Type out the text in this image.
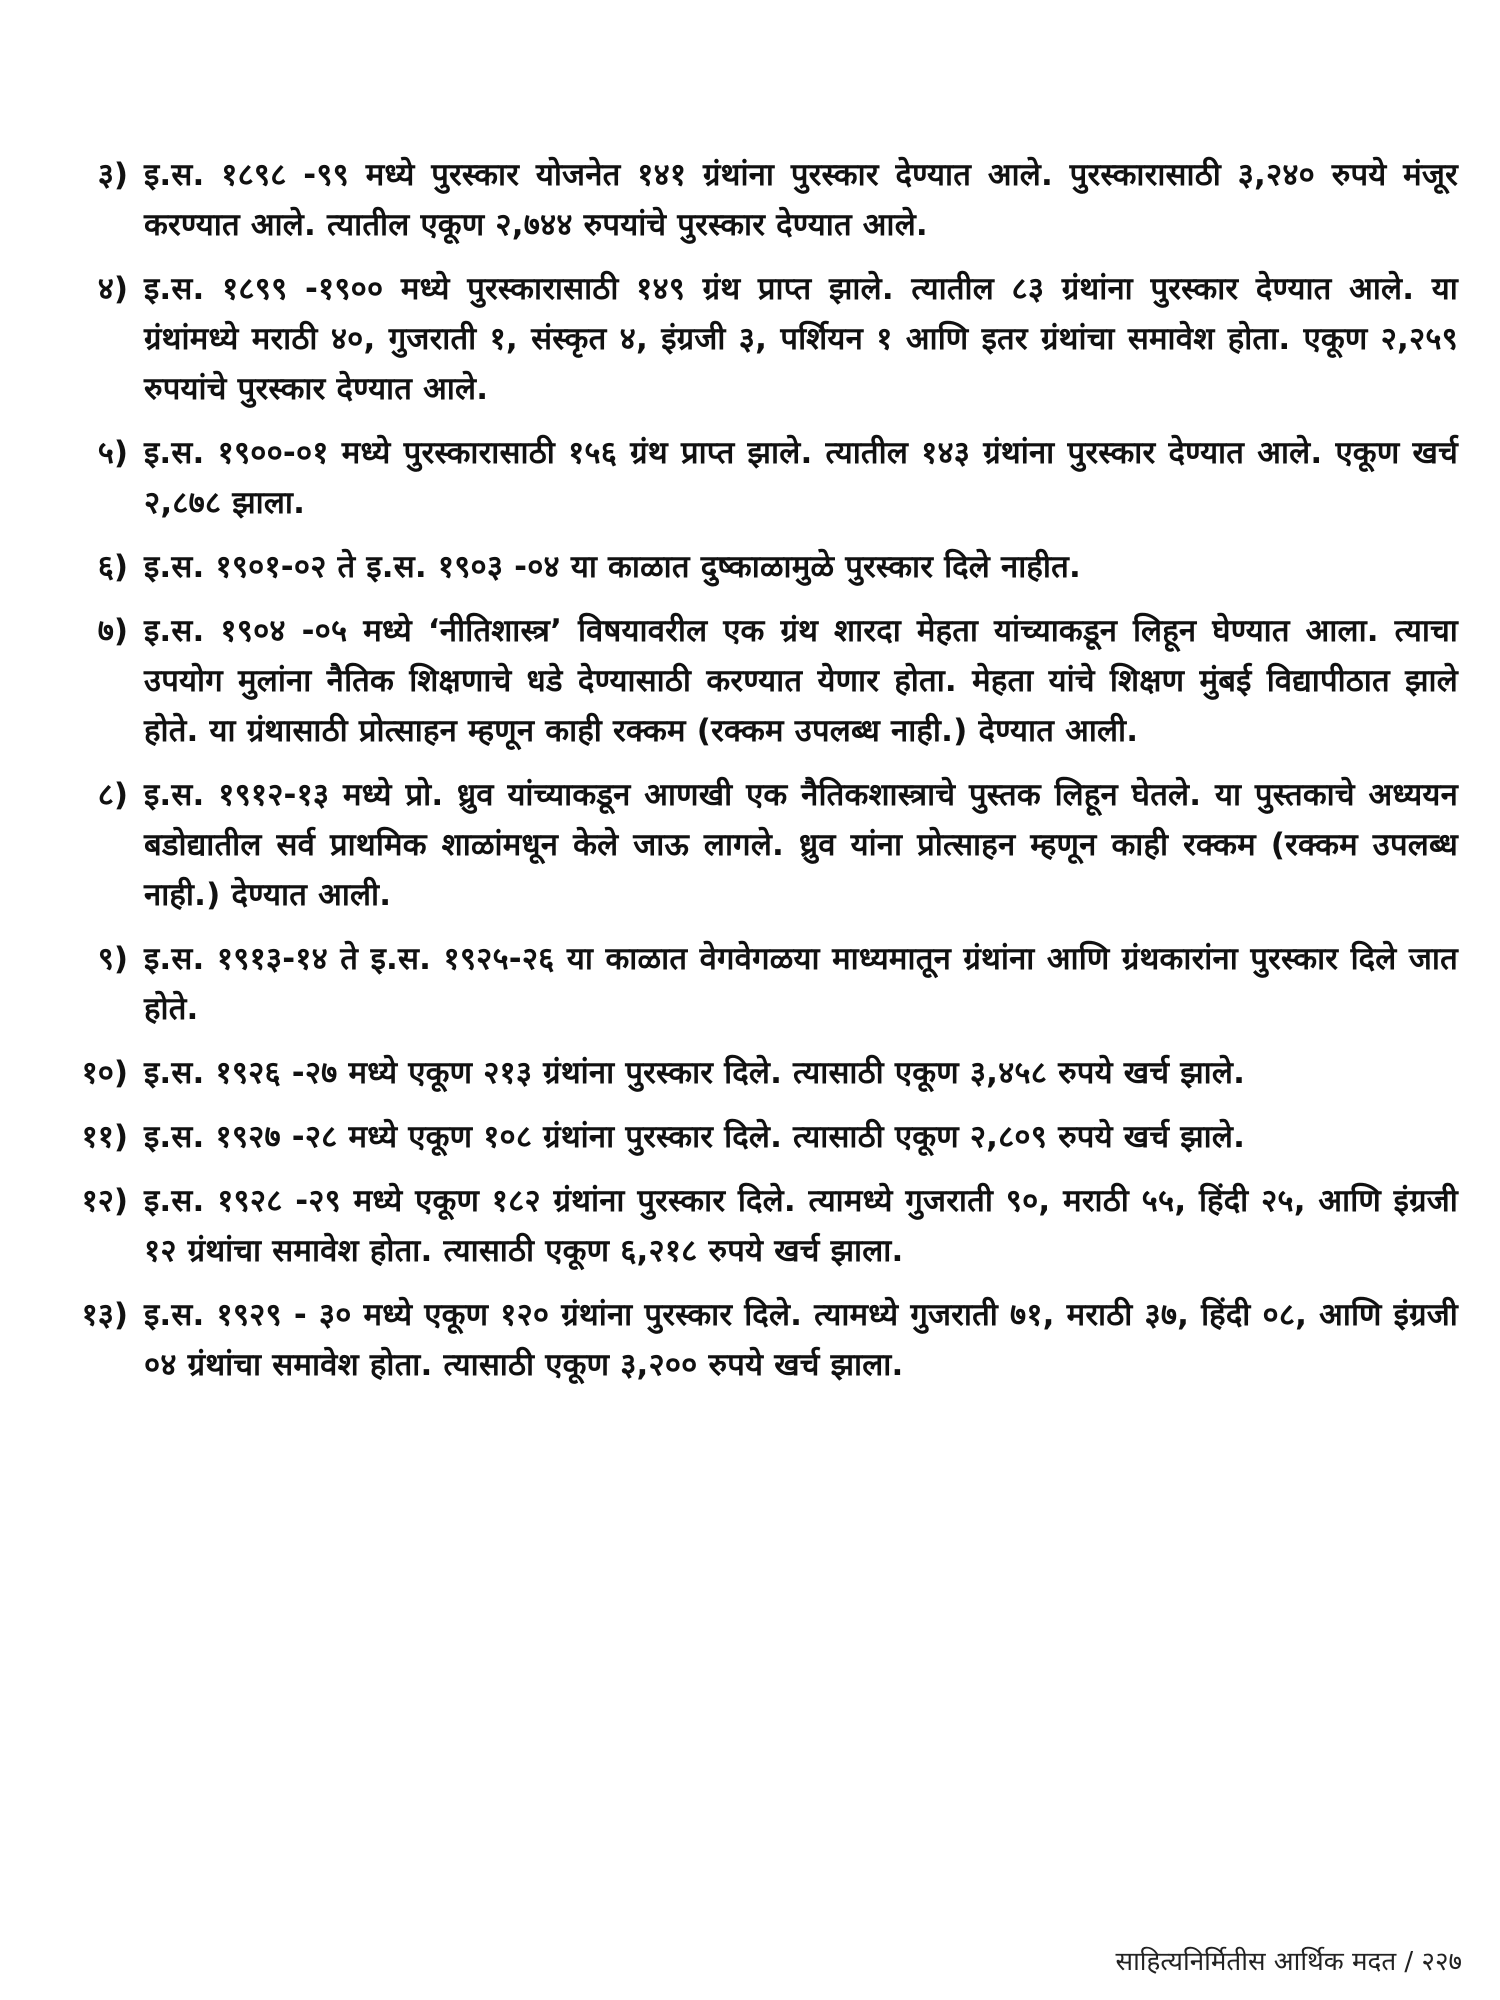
३) इ.स. १८९८ -९९ मध्ये पुरस्कार योजनेत १४१ ग्रंथांना पुरस्कार देण्यात आले. पुरस्कारासाठी ३,२४० रुपये मंजूर करण्यात आले. त्यातील एकूण २,७४४ रुपयांचे पुरस्कार देण्यात आले.
४) इ.स. १८९९ -१९०० मध्ये पुरस्कारासाठी १४९ ग्रंथ प्राप्त झाले. त्यातील ८३ ग्रंथांना पुरस्कार देण्यात आले. या ग्रंथांमध्ये मराठी ४०, गुजराती १, संस्कृत ४, इंग्रजी ३, पर्शियन १ आणि इतर ग्रंथांचा समावेश होता. एकूण २,२५९ रुपयांचे पुरस्कार देण्यात आले.
५) इ.स. १९००-०१ मध्ये पुरस्कारासाठी १५६ ग्रंथ प्राप्त झाले. त्यातील १४३ ग्रंथांना पुरस्कार देण्यात आले. एकूण खर्च २,८७८ झाला.
६) इ.स. १९०१-०२ ते इ.स. १९०३ -०४ या काळात दुष्काळामुळे पुरस्कार दिले नाहीत.
७) इ.स. १९०४ -०५ मध्ये ‘नीतिशास्त्र’ विषयावरील एक ग्रंथ शारदा मेहता यांच्याकडून लिहून घेण्यात आला. त्याचा उपयोग मुलांना नैतिक शिक्षणाचे धडे देण्यासाठी करण्यात येणार होता. मेहता यांचे शिक्षण मुंबई विद्यापीठात झाले होते. या ग्रंथासाठी प्रोत्साहन म्हणून काही रक्कम (रक्कम उपलब्ध नाही.) देण्यात आली.
८) इ.स. १९१२-१३ मध्ये प्रो. ध्रुव यांच्याकडून आणखी एक नैतिकशास्त्राचे पुस्तक लिहून घेतले. या पुस्तकाचे अध्ययन बडोद्यातील सर्व प्राथमिक शाळांमधून केले जाऊ लागले. ध्रुव यांना प्रोत्साहन म्हणून काही रक्कम (रक्कम उपलब्ध नाही.) देण्यात आली.
९) इ.स. १९१३-१४ ते इ.स. १९२५-२६ या काळात वेगवेगळया माध्यमातून ग्रंथांना आणि ग्रंथकारांना पुरस्कार दिले जात होते.
१०) इ.स. १९२६ -२७ मध्ये एकूण २१३ ग्रंथांना पुरस्कार दिले. त्यासाठी एकूण ३,४५८ रुपये खर्च झाले.
११) इ.स. १९२७ -२८ मध्ये एकूण १०८ ग्रंथांना पुरस्कार दिले. त्यासाठी एकूण २,८०९ रुपये खर्च झाले.
१२) इ.स. १९२८ -२९ मध्ये एकूण १८२ ग्रंथांना पुरस्कार दिले. त्यामध्ये गुजराती ९०, मराठी ५५, हिंदी २५, आणि इंग्रजी १२ ग्रंथांचा समावेश होता. त्यासाठी एकूण ६,२१८ रुपये खर्च झाला.
१३) इ.स. १९२९ - ३० मध्ये एकूण १२० ग्रंथांना पुरस्कार दिले. त्यामध्ये गुजराती ७१, मराठी ३७, हिंदी ०८, आणि इंग्रजी ०४ ग्रंथांचा समावेश होता. त्यासाठी एकूण ३,२०० रुपये खर्च झाला.
साहित्यनिर्मितीस आर्थिक मदत / २२७
